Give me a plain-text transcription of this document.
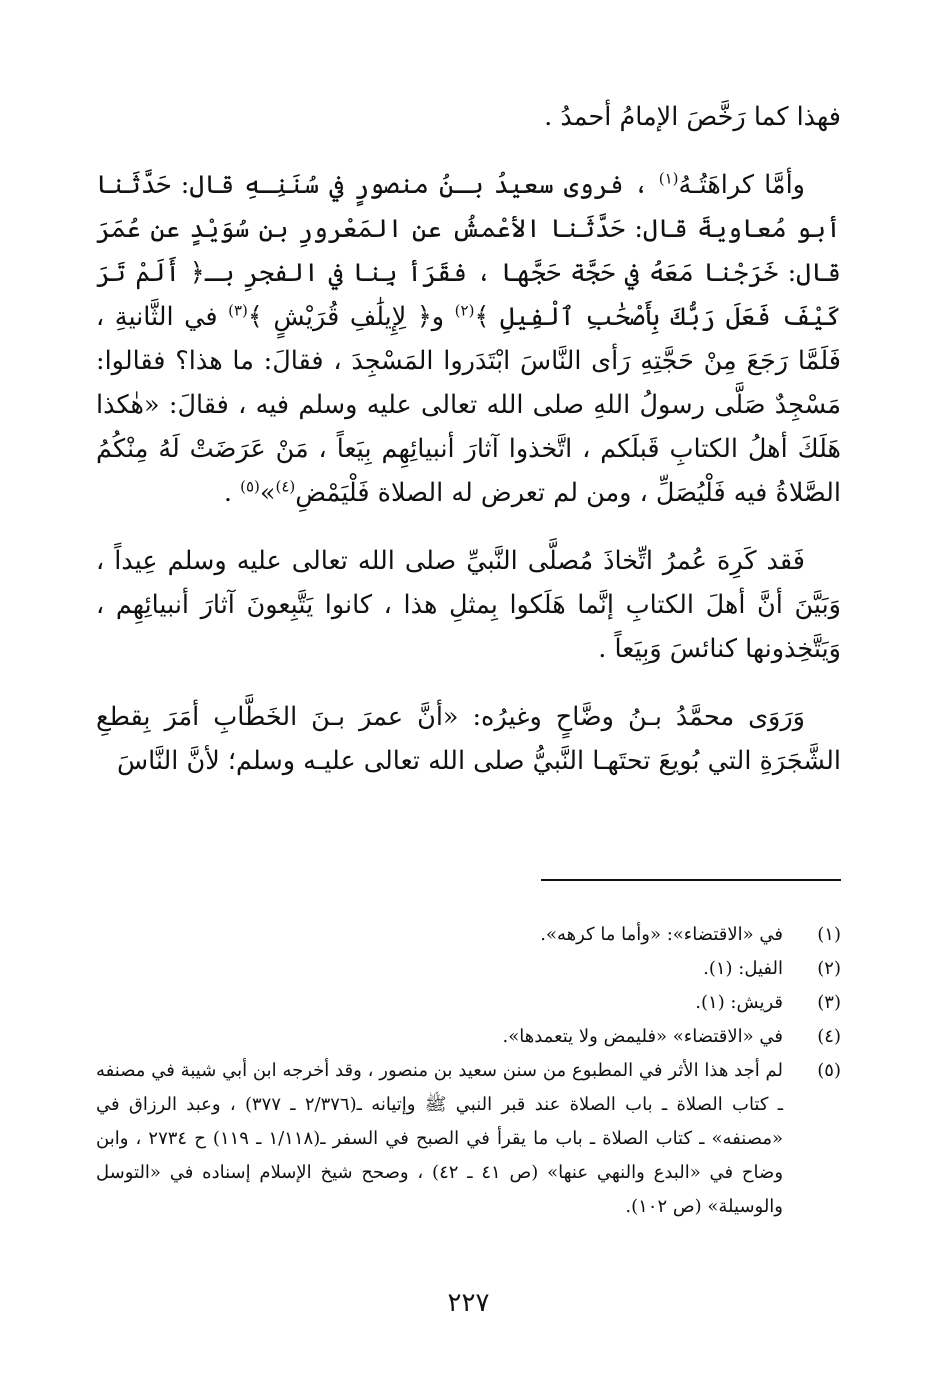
فهذا كما رَخَّصَ الإمامُ أحمدُ .

وأمَّا كراهَتُـهُ$^{(١)}$ ، فروى سعيدُ بـنُ منصورٍ في سُنَنِـهِ قال: حَدَّثَنا أبو مُعاويةَ قال: حَدَّثَنا الأعْمشُ عن المَعْرورِ بن سُوَيْدٍ عن عُمَرَ قال: خَرَجْنا مَعَهُ في حَجَّة حَجَّها ، فقَرَأ بِنا في الفجرِ بـ﴿ أَلَمْ تَرَ كَيْفَ فَعَلَ رَبُّكَ بِأَصْحَٰبِ ٱلْفِيلِ ﴾$^{(٢)}$ و﴿ لِإِيلَٰفِ قُرَيْشٍ ﴾$^{(٣)}$ في الثَّانيةِ ، فَلَمَّا رَجَعَ مِنْ حَجَّتِهِ رَأى النَّاسَ ابْتَدَروا المَسْجِدَ ، فقالَ: ما هذا؟ فقالوا: مَسْجِدٌ صَلَّى رسولُ اللهِ صلى الله تعالى عليه وسلم فيه ، فقالَ: «هٰكذا هَلَكَ أهلُ الكتابِ قَبلَكم ، اتَّخذوا آثارَ أنبيائِهِم بِيَعاً ، مَنْ عَرَضَتْ لَهُ مِنْكُمُ الصَّلاةُ فيه فَلْيُصَلِّ ، ومن لم تعرض له الصلاة فَلْيَمْضِ$^{(٤)}$»$^{(٥)}$ .

فَقد كَرِهَ عُمرُ اتِّخاذَ مُصلَّى النَّبيِّ صلى الله تعالى عليه وسلم عِيداً ، وَبَيَّنَ أنَّ أهلَ الكتابِ إنَّما هَلَكوا بِمثلِ هذا ، كانوا يَتَّبِعونَ آثارَ أنبيائِهِم ، وَيَتَّخِذونها كنائسَ وَبِيَعاً .

وَرَوَى محمَّدُ بـنُ وضَّاحٍ وغيرُه: «أنَّ عمرَ بـنَ الخَطَّابِ أمَرَ بِقطعِ الشَّجَرَةِ التي بُويعَ تحتَهـا النَّبيُّ صلى الله تعالى عليـه وسلم؛ لأنَّ النَّاسَ

(١)
في «الاقتضاء»: «وأما ما كرهه».
(٢)
الفيل: (١).
(٣)
قريش: (١).
(٤)
في «الاقتضاء» «فليمض ولا يتعمدها».
(٥)
لم أجد هذا الأثر في المطبوع من سنن سعيد بن منصور ، وقد أخرجه ابن أبي شيبة في مصنفه ـ كتاب الصلاة ـ باب الصلاة عند قبر النبي ﷺ وإتيانه ـ(٢/٣٧٦ ـ ٣٧٧) ، وعبد الرزاق في «مصنفه» ـ كتاب الصلاة ـ باب ما يقرأ في الصبح في السفر ـ(١/١١٨ ـ ١١٩) ح ٢٧٣٤ ، وابن وضاح في «البدع والنهي عنها» (ص ٤١ ـ ٤٢) ، وصحح شيخ الإسلام إسناده في «التوسل والوسيلة» (ص ١٠٢).
٢٢٧
